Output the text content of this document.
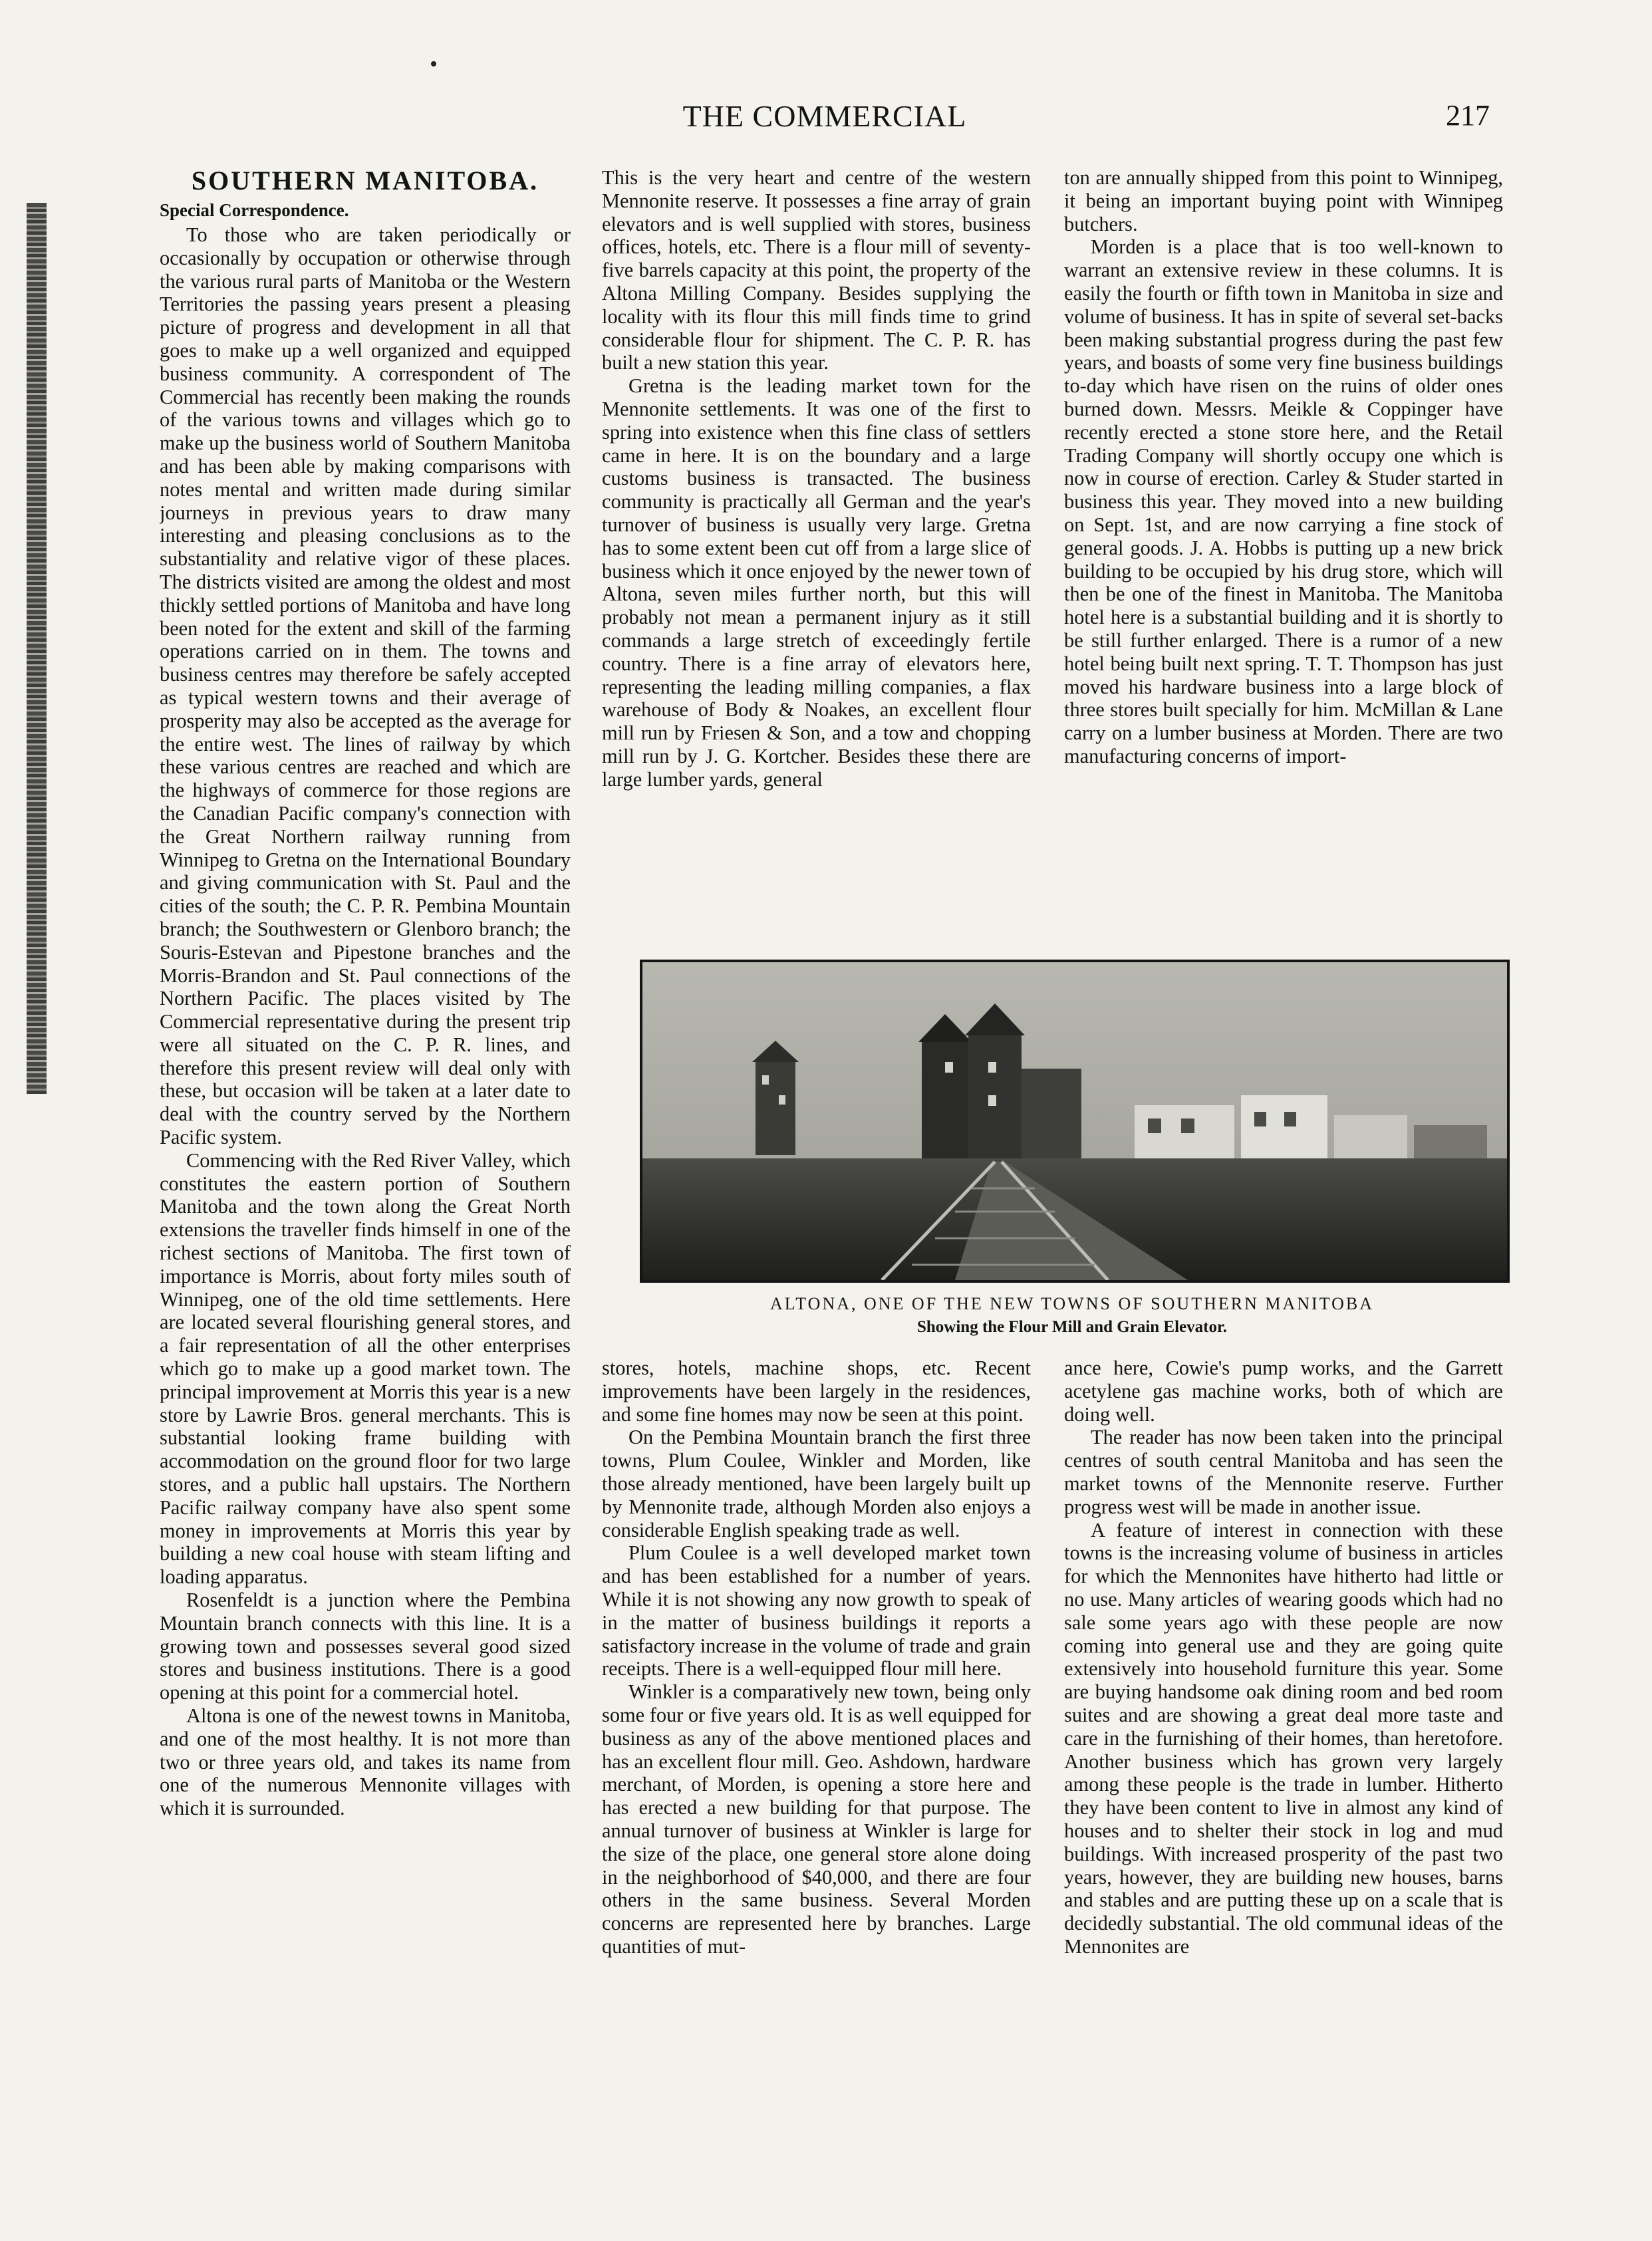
THE COMMERCIAL	217
SOUTHERN MANITOBA.
Special Correspondence.

To those who are taken periodically or occasionally by occupation or otherwise through the various rural parts of Manitoba or the Western Territories the passing years present a pleasing picture of progress and development in all that goes to make up a well organized and equipped business community. A correspondent of The Commercial has recently been making the rounds of the various towns and villages which go to make up the business world of Southern Manitoba and has been able by making comparisons with notes mental and written made during similar journeys in previous years to draw many interesting and pleasing conclusions as to the substantiality and relative vigor of these places. The districts visited are among the oldest and most thickly settled portions of Manitoba and have long been noted for the extent and skill of the farming operations carried on in them. The towns and business centres may therefore be safely accepted as typical western towns and their average of prosperity may also be accepted as the average for the entire west. The lines of railway by which these various centres are reached and which are the highways of commerce for those regions are the Canadian Pacific company's connection with the Great Northern railway running from Winnipeg to Gretna on the International Boundary and giving communication with St. Paul and the cities of the south; the C. P. R. Pembina Mountain branch; the Southwestern or Glenboro branch; the Souris-Estevan and Pipestone branches and the Morris-Brandon and St. Paul connections of the Northern Pacific. The places visited by The Commercial representative during the present trip were all situated on the C. P. R. lines, and therefore this present review will deal only with these, but occasion will be taken at a later date to deal with the country served by the Northern Pacific system.

Commencing with the Red River Valley, which constitutes the eastern portion of Southern Manitoba and the town along the Great North extensions the traveller finds himself in one of the richest sections of Manitoba. The first town of importance is Morris, about forty miles south of Winnipeg, one of the old time settlements. Here are located several flourishing general stores, and a fair representation of all the other enterprises which go to make up a good market town. The principal improvement at Morris this year is a new store by Lawrie Bros. general merchants. This is substantial looking frame building with accommodation on the ground floor for two large stores, and a public hall upstairs. The Northern Pacific railway company have also spent some money in improvements at Morris this year by building a new coal house with steam lifting and loading apparatus.

Rosenfeldt is a junction where the Pembina Mountain branch connects with this line. It is a growing town and possesses several good sized stores and business institutions. There is a good opening at this point for a commercial hotel.

Altona is one of the newest towns in Manitoba, and one of the most healthy. It is not more than two or three years old, and takes its name from one of the numerous Mennonite villages with which it is surrounded.

This is the very heart and centre of the western Mennonite reserve. It possesses a fine array of grain elevators and is well supplied with stores, business offices, hotels, etc. There is a flour mill of seventy-five barrels capacity at this point, the property of the Altona Milling Company. Besides supplying the locality with its flour this mill finds time to grind considerable flour for shipment. The C. P. R. has built a new station this year.

Gretna is the leading market town for the Mennonite settlements. It was one of the first to spring into existence when this fine class of settlers came in here. It is on the boundary and a large customs business is transacted. The business community is practically all German and the year's turnover of business is usually very large. Gretna has to some extent been cut off from a large slice of business which it once enjoyed by the newer town of Altona, seven miles further north, but this will probably not mean a permanent injury as it still commands a large stretch of exceedingly fertile country. There is a fine array of elevators here, representing the leading milling companies, a flax warehouse of Body & Noakes, an excellent flour mill run by Friesen & Son, and a tow and chopping mill run by J. G. Kortcher. Besides these there are large lumber yards, general

ton are annually shipped from this point to Winnipeg, it being an important buying point with Winnipeg butchers.

Morden is a place that is too well-known to warrant an extensive review in these columns. It is easily the fourth or fifth town in Manitoba in size and volume of business. It has in spite of several set-backs been making substantial progress during the past few years, and boasts of some very fine business buildings to-day which have risen on the ruins of older ones burned down. Messrs. Meikle & Coppinger have recently erected a stone store here, and the Retail Trading Company will shortly occupy one which is now in course of erection. Carley & Studer started in business this year. They moved into a new building on Sept. 1st, and are now carrying a fine stock of general goods. J. A. Hobbs is putting up a new brick building to be occupied by his drug store, which will then be one of the finest in Manitoba. The Manitoba hotel here is a substantial building and it is shortly to be still further enlarged. There is a rumor of a new hotel being built next spring. T. T. Thompson has just moved his hardware business into a large block of three stores built specially for him. McMillan & Lane carry on a lumber business at Morden. There are two manufacturing concerns of import-

ALTONA, ONE OF THE NEW TOWNS OF SOUTHERN MANITOBA
Showing the Flour Mill and Grain Elevator.

stores, hotels, machine shops, etc. Recent improvements have been largely in the residences, and some fine homes may now be seen at this point.

On the Pembina Mountain branch the first three towns, Plum Coulee, Winkler and Morden, like those already mentioned, have been largely built up by Mennonite trade, although Morden also enjoys a considerable English speaking trade as well.

Plum Coulee is a well developed market town and has been established for a number of years. While it is not showing any now growth to speak of in the matter of business buildings it reports a satisfactory increase in the volume of trade and grain receipts. There is a well-equipped flour mill here.

Winkler is a comparatively new town, being only some four or five years old. It is as well equipped for business as any of the above mentioned places and has an excellent flour mill. Geo. Ashdown, hardware merchant, of Morden, is opening a store here and has erected a new building for that purpose. The annual turnover of business at Winkler is large for the size of the place, one general store alone doing in the neighborhood of $40,000, and there are four others in the same business. Several Morden concerns are represented here by branches. Large quantities of mut-

ance here, Cowie's pump works, and the Garrett acetylene gas machine works, both of which are doing well.

The reader has now been taken into the principal centres of south central Manitoba and has seen the market towns of the Mennonite reserve. Further progress west will be made in another issue.

A feature of interest in connection with these towns is the increasing volume of business in articles for which the Mennonites have hitherto had little or no use. Many articles of wearing goods which had no sale some years ago with these people are now coming into general use and they are going quite extensively into household furniture this year. Some are buying handsome oak dining room and bed room suites and are showing a great deal more taste and care in the furnishing of their homes, than heretofore. Another business which has grown very largely among these people is the trade in lumber. Hitherto they have been content to live in almost any kind of houses and to shelter their stock in log and mud buildings. With increased prosperity of the past two years, however, they are building new houses, barns and stables and are putting these up on a scale that is decidedly substantial. The old communal ideas of the Mennonites are
